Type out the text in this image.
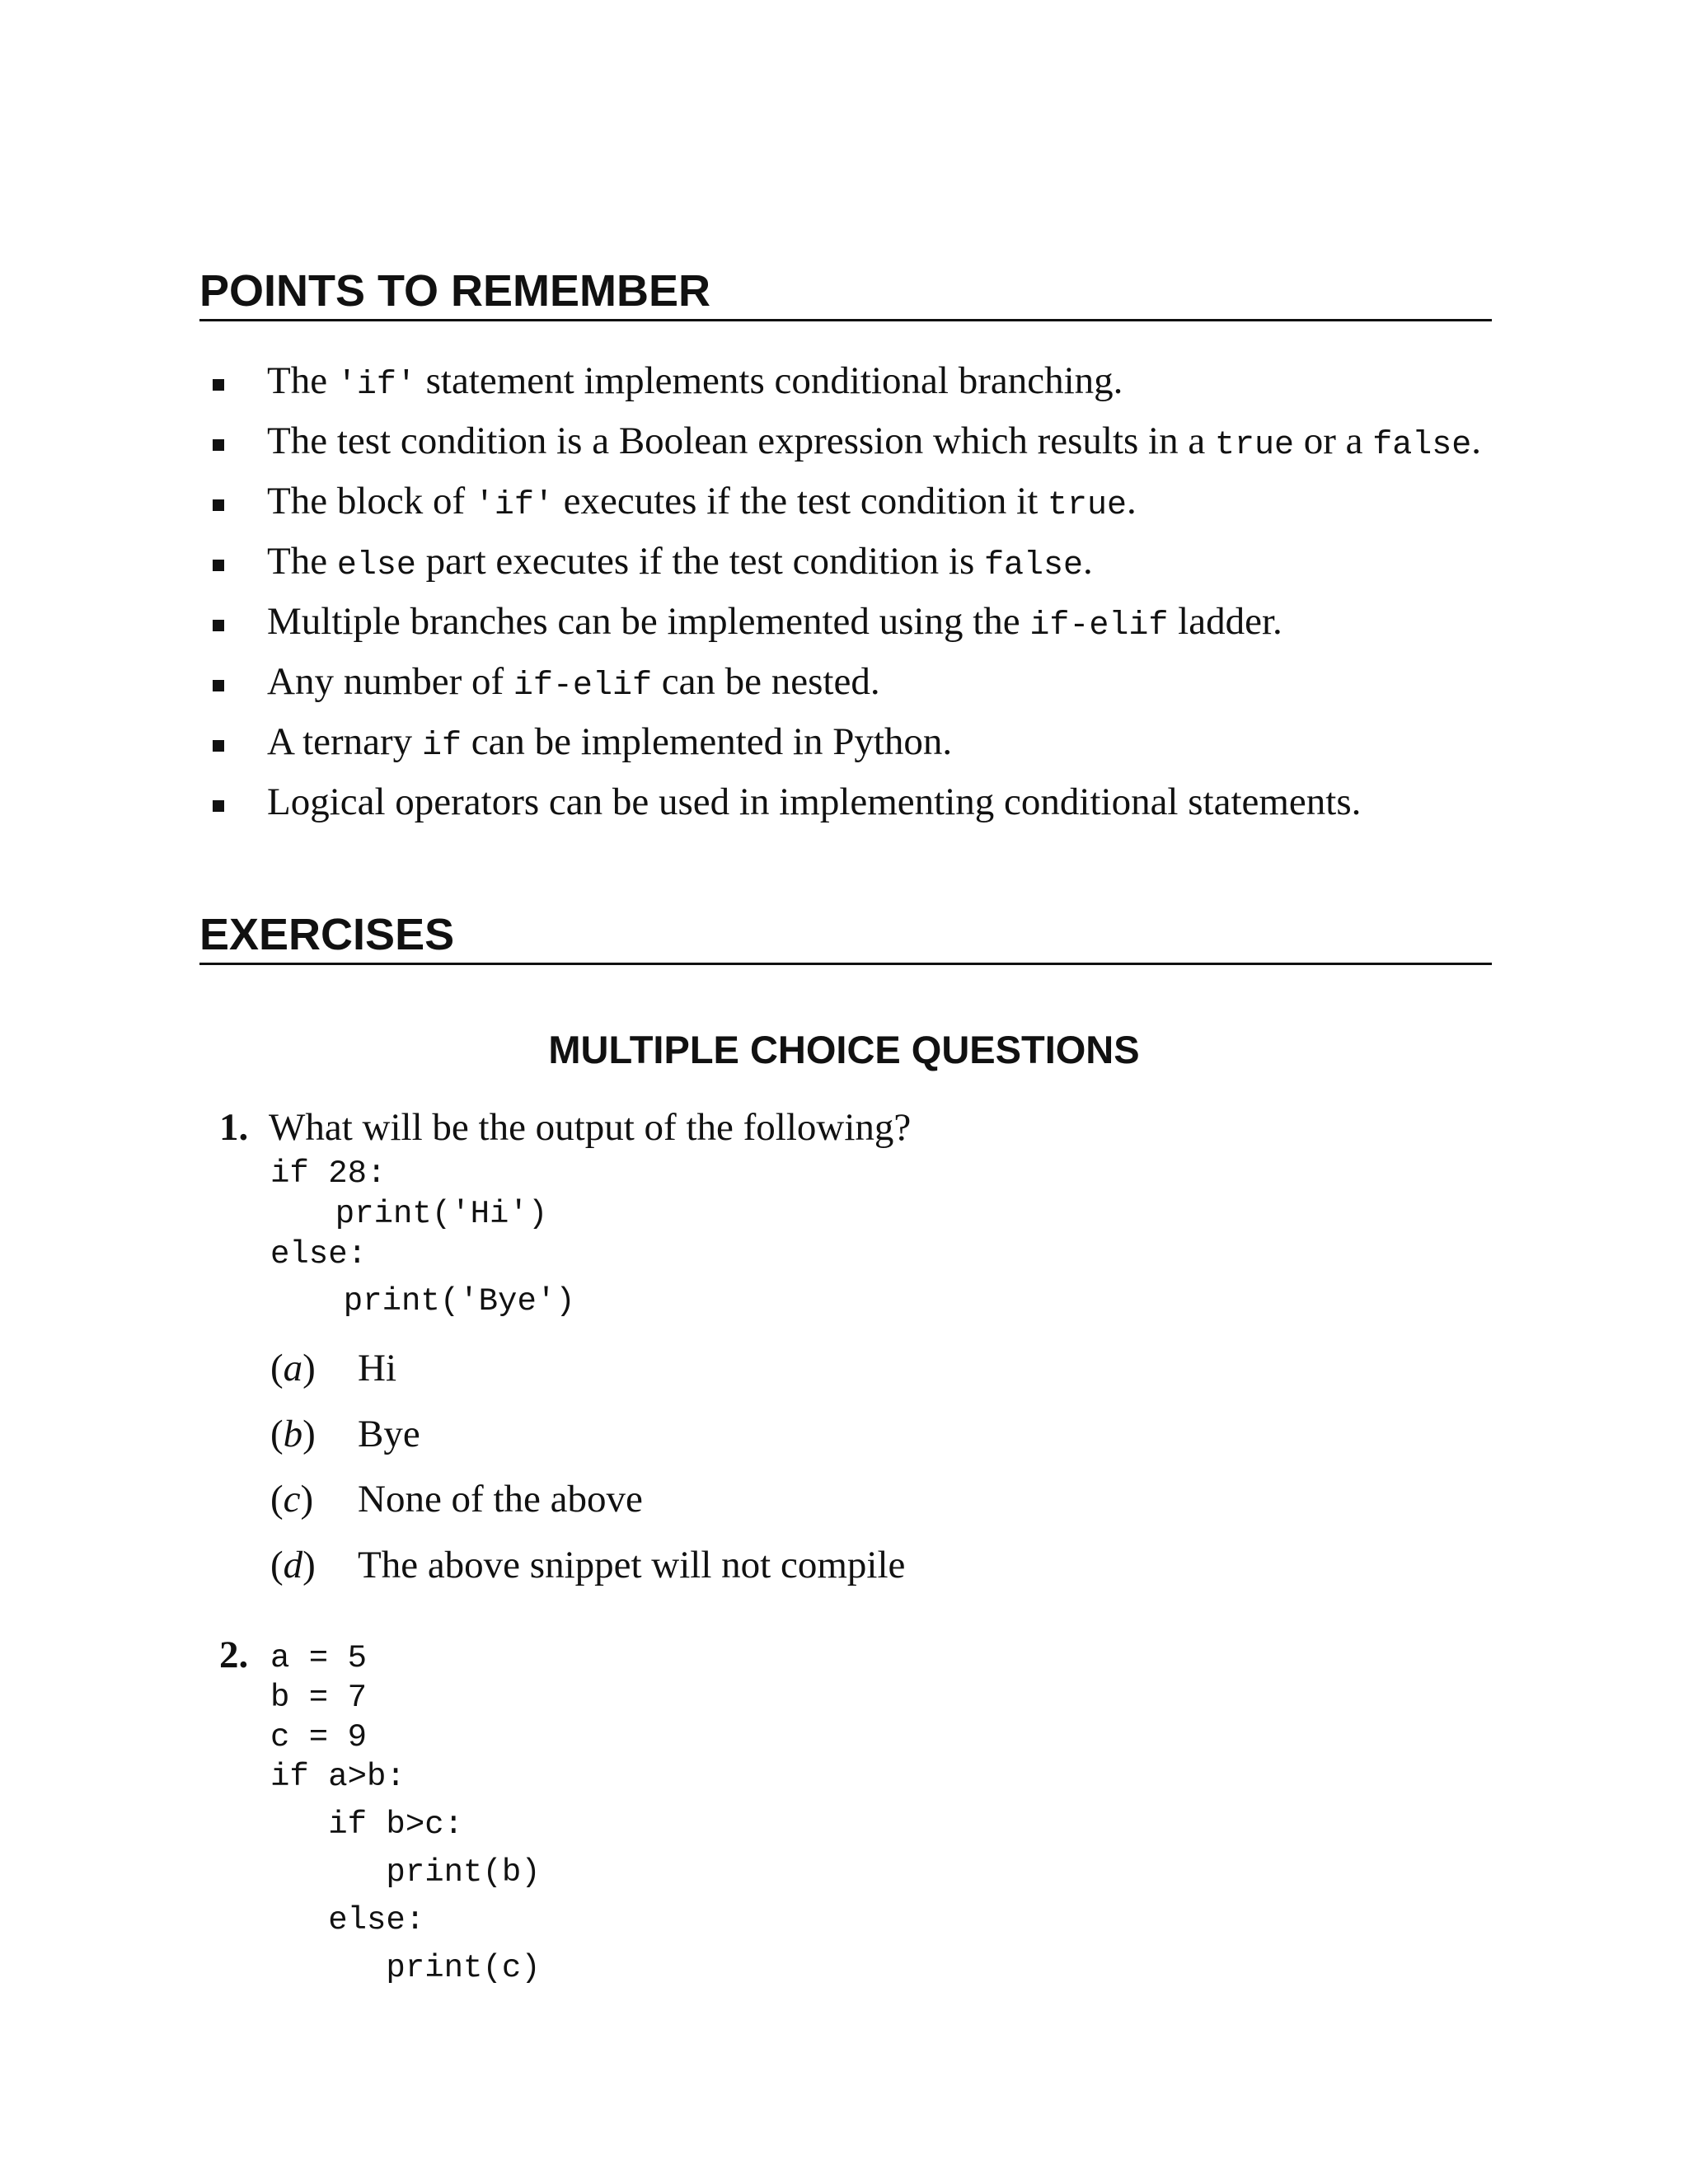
POINTS TO REMEMBER
The 'if' statement implements conditional branching.
The test condition is a Boolean expression which results in a true or a false.
The block of 'if' executes if the test condition it true.
The else part executes if the test condition is false.
Multiple branches can be implemented using the if-elif ladder.
Any number of if-elif can be nested.
A ternary if can be implemented in Python.
Logical operators can be used in implementing conditional statements.
EXERCISES
MULTIPLE CHOICE QUESTIONS
1. What will be the output of the following?
if 28:
print('Hi')
else:
print('Bye')
(a) Hi
(b) Bye
(c) None of the above
(d) The above snippet will not compile
2. a = 5
b = 7
c = 9
if a>b:
if b>c:
print(b)
else:
print(c)
